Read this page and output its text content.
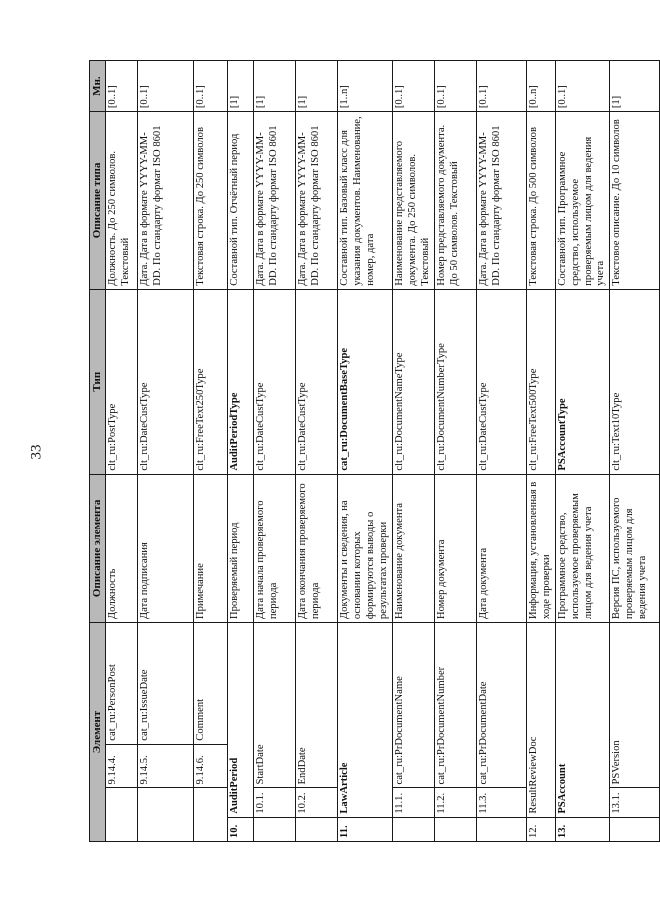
33
Элемент				Описание элемента	Тип	Описание типа	Мн.
		9.14.4.	cat_ru:PersonPost	Должность	clt_ru:PostType	Должность. До 250 символов. Текстовый	[0..1]
		9.14.5.	cat_ru:IssueDate	Дата подписания	clt_ru:DateCustType	Дата. Дата в формате YYYY-MM-DD. По стандарту формат ISO 8601	[0..1]
		9.14.6.	Comment	Примечание	clt_ru:FreeText250Type	Текстовая строка. До 250 символов	[0..1]
10.	AuditPeriod			Проверяемый период	AuditPeriodType	Составной тип. Отчётный период	[1]
	10.1.	StartDate		Дата начала проверяемого периода	clt_ru:DateCustType	Дата. Дата в формате YYYY-MM-DD. По стандарту формат ISO 8601	[1]
	10.2.	EndDate		Дата окончания проверяемого периода	clt_ru:DateCustType	Дата. Дата в формате YYYY-MM-DD. По стандарту формат ISO 8601	[1]
11.	LawArticle			Документы и сведения, на основании которых формируются выводы о результатах проверки	cat_ru:DocumentBaseType	Составной тип. Базовый класс для указания документов. Наименование, номер, дата	[1..n]
	11.1.	cat_ru:PrDocumentName		Наименование документа	clt_ru:DocumentNameType	Наименование представляемого документа. До 250 символов. Текстовый	[0..1]
	11.2.	cat_ru:PrDocumentNumber		Номер документа	clt_ru:DocumentNumberType	Номер представляемого документа. До 50 символов. Текстовый	[0..1]
	11.3.	cat_ru:PrDocumentDate		Дата документа	clt_ru:DateCustType	Дата. Дата в формате YYYY-MM-DD. По стандарту формат ISO 8601	[0..1]
12.	ResultReviewDoc			Информация, установленная в ходе проверки	clt_ru:FreeText500Type	Текстовая строка. До 500 символов	[0..n]
13.	PSAccount			Программное средство, используемое проверяемым лицом для ведения учета	PSAccountType	Составной тип. Программное средство, используемое проверяемым лицом для ведения учета	[0..1]
	13.1.	PSVersion		Версия ПС, используемого проверяемым лицом для ведения учета	clt_ru:Text10Type	Текстовое описание. До 10 символов	[1]
